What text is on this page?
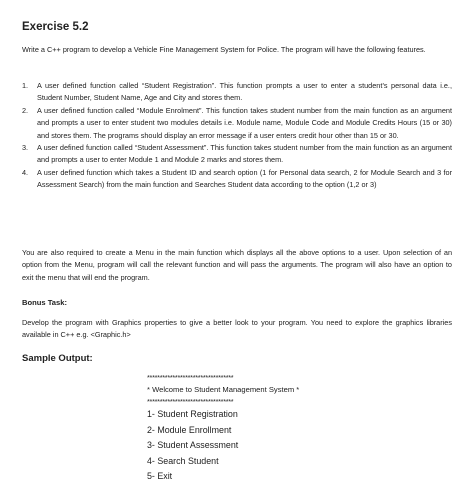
Exercise 5.2
Write a C++ program to develop a Vehicle Fine Management System for Police. The program will have the following features.
1. A user defined function called “Student Registration”. This function prompts a user to enter a student’s personal data i.e., Student Number, Student Name, Age and City and stores them.
2. A user defined function called “Module Enrolment”. This function takes student number from the main function as an argument and prompts a user to enter student two modules details i.e. Module name, Module Code and Module Credits Hours (15 or 30) and stores them. The programs should display an error message if a user enters credit hour other than 15 or 30.
3. A user defined function called “Student Assessment”. This function takes student number from the main function as an argument and prompts a user to enter Module 1 and Module 2 marks and stores them.
4. A user defined function which takes a Student ID and search option (1 for Personal data search, 2 for Module Search and 3 for Assessment Search) from the main function and Searches Student data according to the option (1,2 or 3)
You are also required to create a Menu in the main function which displays all the above options to a user. Upon selection of an option from the Menu, program will call the relevant function and will pass the arguments. The program will also have an option to exit the menu that will end the program.
Bonus Task:
Develop the program with Graphics properties to give a better look to your program. You need to explore the graphics libraries available in C++ e.g. <Graphic.h>
Sample Output:
**********************************
* Welcome to Student Management System *
**********************************
1- Student Registration
2- Module Enrollment
3- Student Assessment
4- Search Student
5- Exit
